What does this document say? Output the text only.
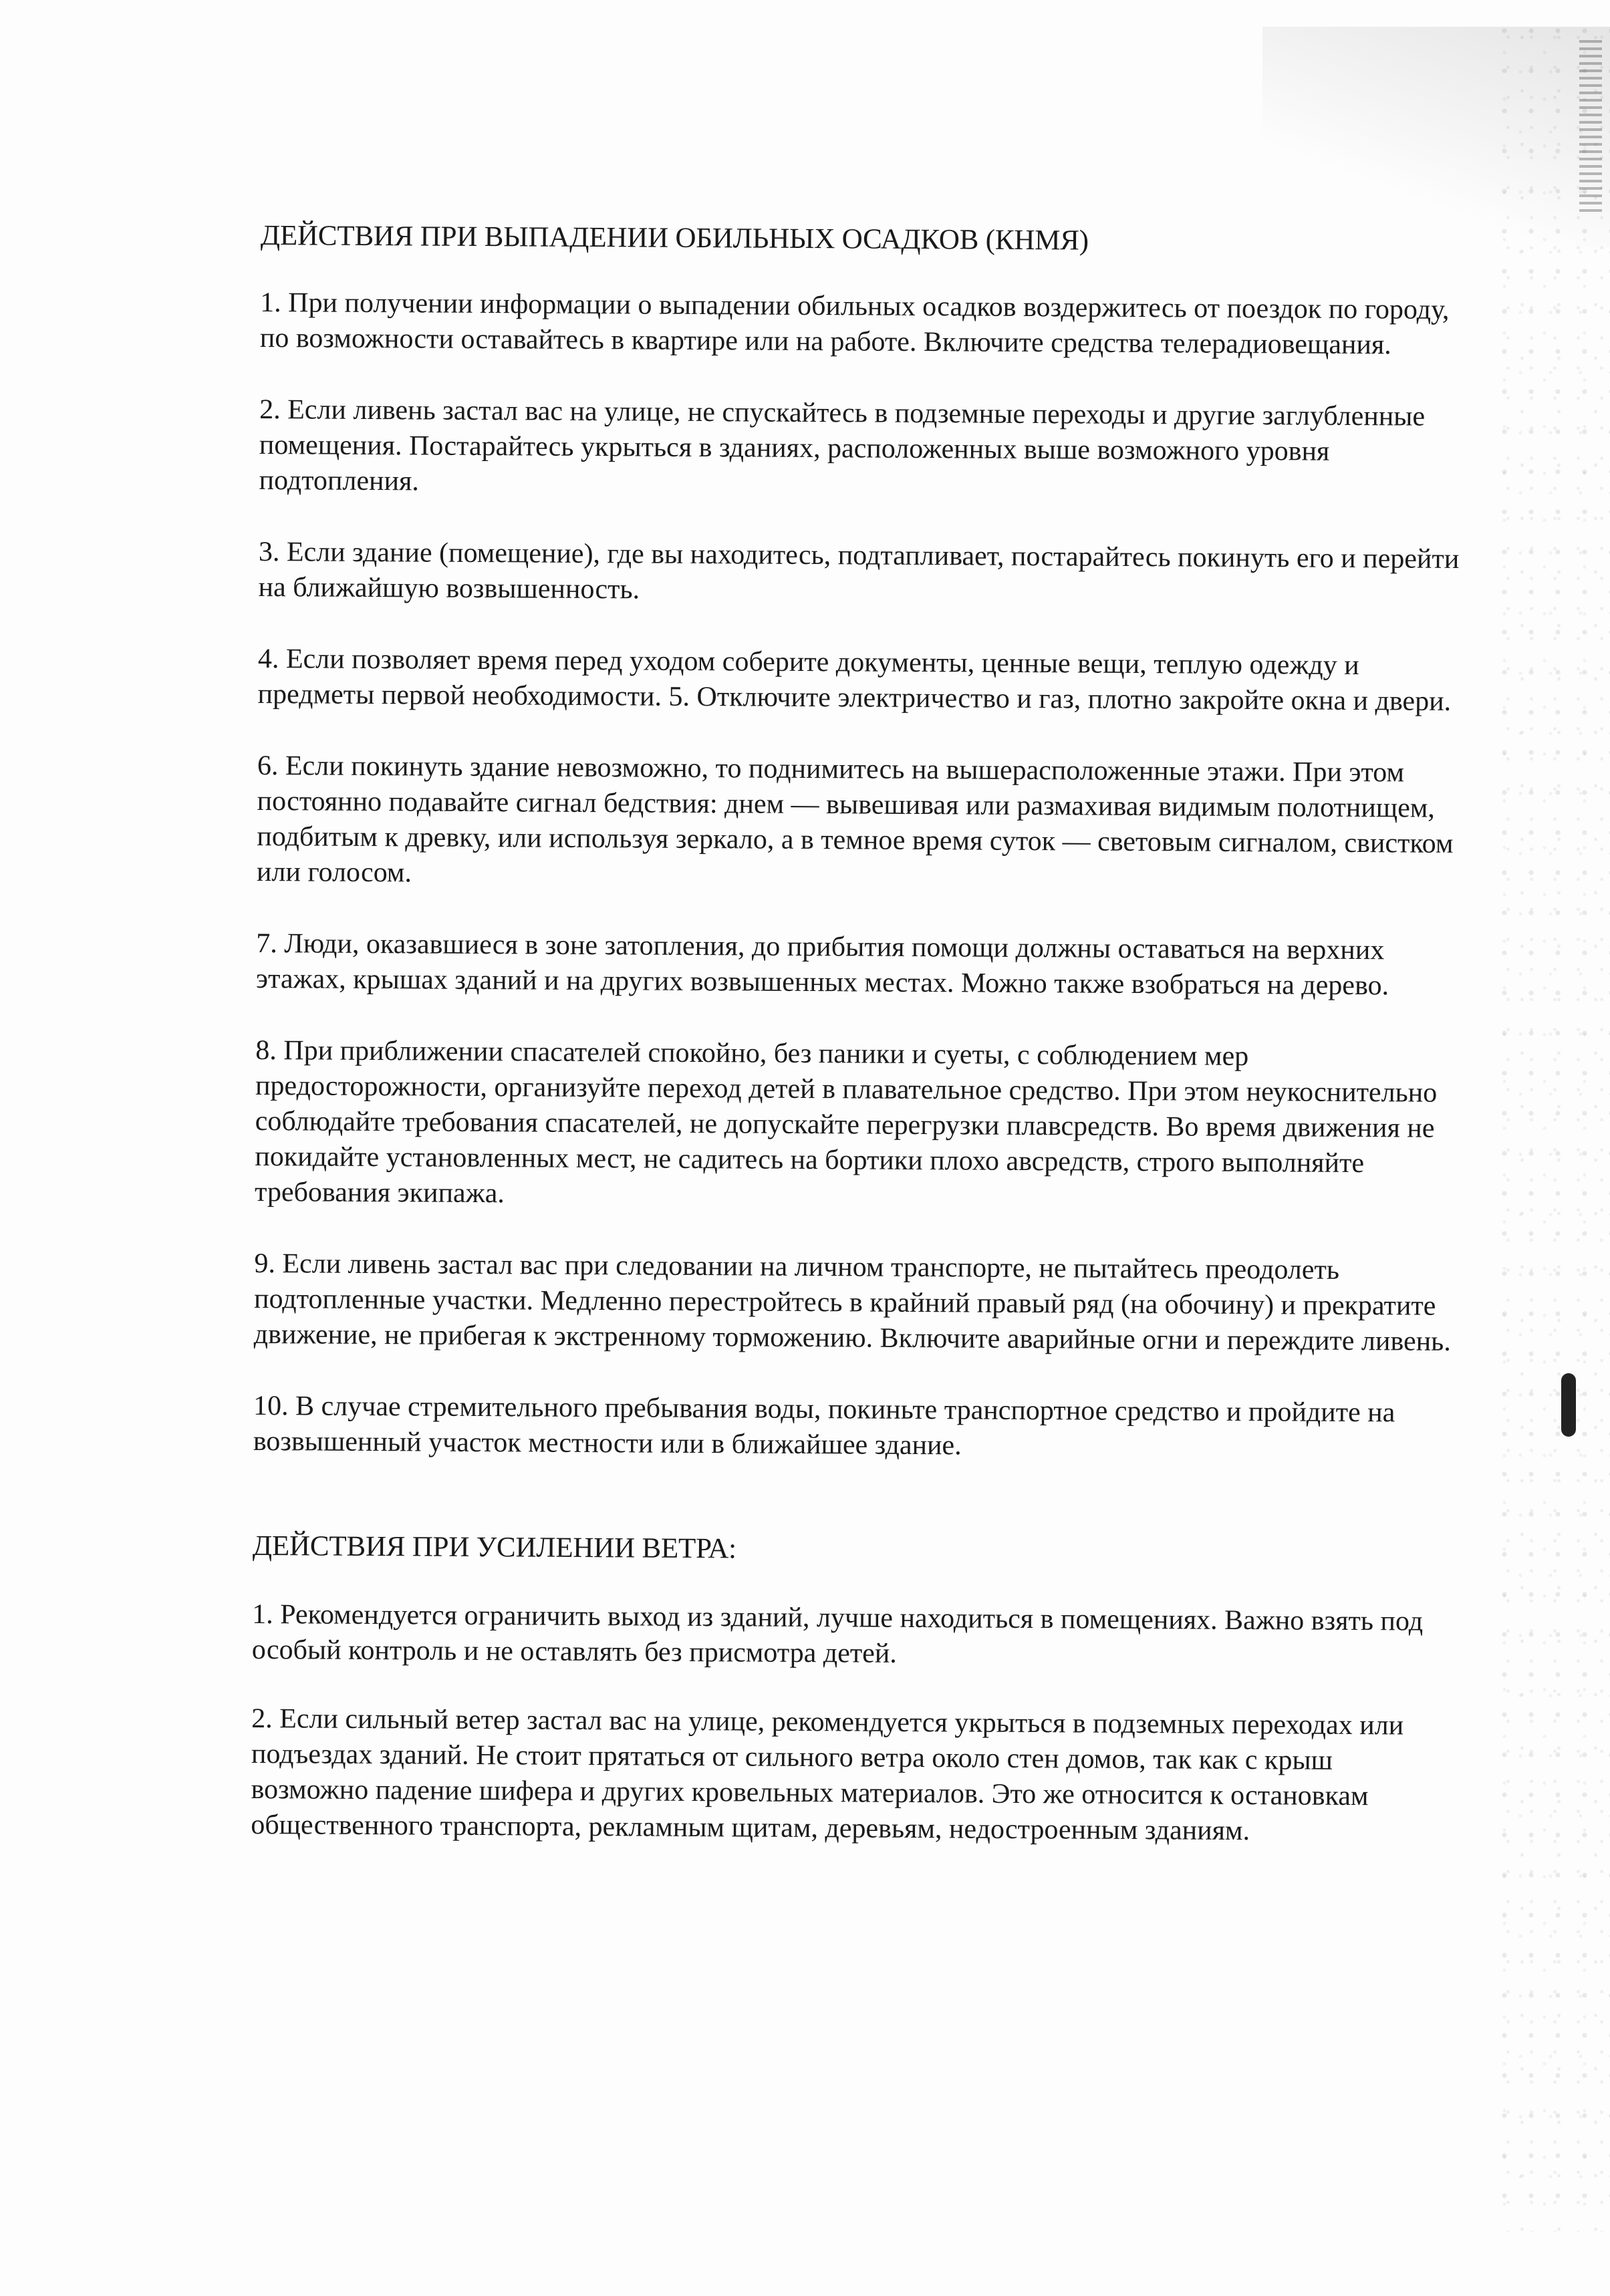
ДЕЙСТВИЯ ПРИ ВЫПАДЕНИИ ОБИЛЬНЫХ ОСАДКОВ (КНМЯ)

1. При получении информации о выпадении обильных осадков воздержитесь от поездок по городу, по возможности оставайтесь в квартире или на работе. Включите средства телерадиовещания.

2. Если ливень застал вас на улице, не спускайтесь в подземные переходы и другие заглубленные помещения. Постарайтесь укрыться в зданиях, расположенных выше возможного уровня подтопления.

3. Если здание (помещение), где вы находитесь, подтапливает, постарайтесь покинуть его и перейти на ближайшую возвышенность.

4. Если позволяет время перед уходом соберите документы, ценные вещи, теплую одежду и предметы первой необходимости. 5. Отключите электричество и газ, плотно закройте окна и двери.

6. Если покинуть здание невозможно, то поднимитесь на вышерасположенные этажи. При этом постоянно подавайте сигнал бедствия: днем — вывешивая или размахивая видимым полотнищем, подбитым к древку, или используя зеркало, а в темное время суток — световым сигналом, свистком или голосом.

7. Люди, оказавшиеся в зоне затопления, до прибытия помощи должны оставаться на верхних этажах, крышах зданий и на других возвышенных местах. Можно также взобраться на дерево.

8. При приближении спасателей спокойно, без паники и суеты, с соблюдением мер предосторожности, организуйте переход детей в плавательное средство. При этом неукоснительно соблюдайте требования спасателей, не допускайте перегрузки плавсредств. Во время движения не покидайте установленных мест, не садитесь на бортики плохо авсредств, строго выполняйте требования экипажа.

9. Если ливень застал вас при следовании на личном транспорте, не пытайтесь преодолеть подтопленные участки. Медленно перестройтесь в крайний правый ряд (на обочину) и прекратите движение, не прибегая к экстренному торможению. Включите аварийные огни и переждите ливень.

10. В случае стремительного пребывания воды, покиньте транспортное средство и пройдите на возвышенный участок местности или в ближайшее здание.

ДЕЙСТВИЯ ПРИ УСИЛЕНИИ ВЕТРА:

1. Рекомендуется ограничить выход из зданий, лучше находиться в помещениях. Важно взять под особый контроль и не оставлять без присмотра детей.

2. Если сильный ветер застал вас на улице, рекомендуется укрыться в подземных переходах или подъездах зданий. Не стоит прятаться от сильного ветра около стен домов, так как с крыш возможно падение шифера и других кровельных материалов. Это же относится к остановкам общественного транспорта, рекламным щитам, деревьям, недостроенным зданиям.
